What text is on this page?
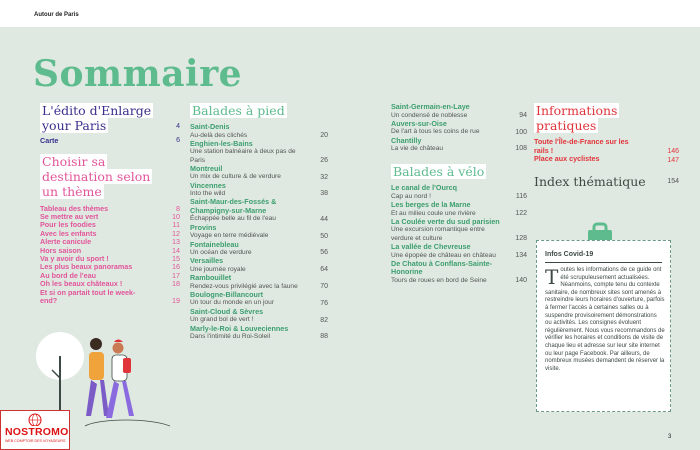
Autour de Paris
Sommaire
L'édito d'Enlarge your Paris	4
Carte	6
Choisir sa destination selon un thème
Tableau des thèmes	8
Se mettre au vert	10
Pour les foodies	11
Avec les enfants	12
Alerte canicule	13
Hors saison	14
Va y avoir du sport !	15
Les plus beaux panoramas	16
Au bord de l'eau	17
Oh les beaux châteaux !	18
Et si on partait tout le week-end?	19
Balades à pied
Saint-Denis
Au-delà des clichés	20
Enghien-les-Bains
Une station balnéaire à deux pas de Paris	26
Montreuil
Un mix de culture & de verdure	32
Vincennes
Into the wild	38
Saint-Maur-des-Fossés & Champigny-sur-Marne
Échappée belle au fil de l'eau	44
Provins
Voyage en terre médiévale	50
Fontainebleau
Un océan de verdure	56
Versailles
Une journée royale	64
Rambouillet
Rendez-vous privilégié avec la faune	70
Boulogne-Billancourt
Un tour du monde en un jour	76
Saint-Cloud & Sèvres
Un grand bol de vert !	82
Marly-le-Roi & Louveciennes
Dans l'intimité du Roi-Soleil	88
Saint-Germain-en-Laye
Un condensé de noblesse	94
Auvers-sur-Oise
De l'art à tous les coins de rue	100
Chantilly
La vie de château	108
Balades à vélo
Le canal de l'Ourcq
Cap au nord !	116
Les berges de la Marne
Et au milieu coule une rivière	122
La Coulée verte du sud parisien
Une excursion romantique entre verdure et culture	128
La vallée de Chevreuse
Une épopée de château en château	134
De Chatou à Conflans-Sainte-Honorine
Tours de roues en bord de Seine	140
Informations pratiques
Toute l'Île-de-France sur les rails !	146
Place aux cyclistes	147
Index thématique	154
Infos Covid-19
Toutes les informations de ce guide ont été scrupuleusement actualisées. Néanmoins, compte tenu du contexte sanitaire, de nombreux sites sont amenés à restreindre leurs horaires d'ouverture, parfois à fermer l'accès à certaines salles ou à suspendre provisoirement démonstrations ou activités. Les consignes évoluent régulièrement. Nous vous recommandons de vérifier les horaires et conditions de visite de chaque lieu et adresse sur leur site internet ou leur page Facebook. Par ailleurs, de nombreux musées demandent de réserver la visite.
NOSTROMO
WEB COMPTOIR DES VOYAGEURS
3
